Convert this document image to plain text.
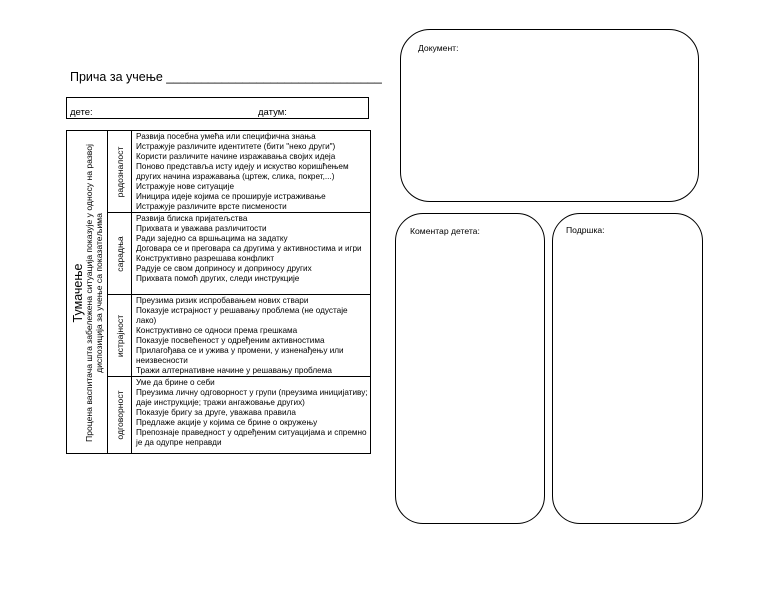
Прича за учење _______________________________
дете:	датум:
Тумачење Процена васпитача шта забележена ситуација показује у односу на развој
диспозиција за учење са показатељима
радозналост
Развија посебна умећа или специфична знања
Истражује различите идентитете (бити "неко други")
Користи различите начине изражавања својих идеја
Поново представља исту идеју и искуство коришћењем других начина изражавања (цртеж, слика, покрет,...)
Истражује нове ситуације
Иницира идеје којима се проширује истраживање
Истражује различите врсте писмености
сарадња
Развија блиска пријатељства
Прихвата и уважава различитости
Ради заједно са вршњацима на задатку
Договара се и преговара са другима у активностима и игри
Конструктивно разрешава конфликт
Радује се свом доприносу и доприносу других
Прихвата помоћ других, следи инструкције
истрајност
Преузима ризик испробавањем нових ствари
Показује истрајност у решавању проблема (не одустаје лако)
Конструктивно се односи према грешкама
Показује посвећеност у одређеним активностима
Прилагођава се и ужива у промени, у изненађењу или неизвесности
Тражи алтернативне начине у решавању проблема
одговорност
Уме да брине о себи
Преузима личну одговорност у групи (преузима иницијативу; даје инструкције; тражи ангажовање других)
Показује бригу за друге, уважава правила
Предлаже акције у којима се брине о окружењу
Препознаје праведност у одређеним ситуацијама и спремно је да одупре неправди
Документ:
Коментар детета:	Подршка:
